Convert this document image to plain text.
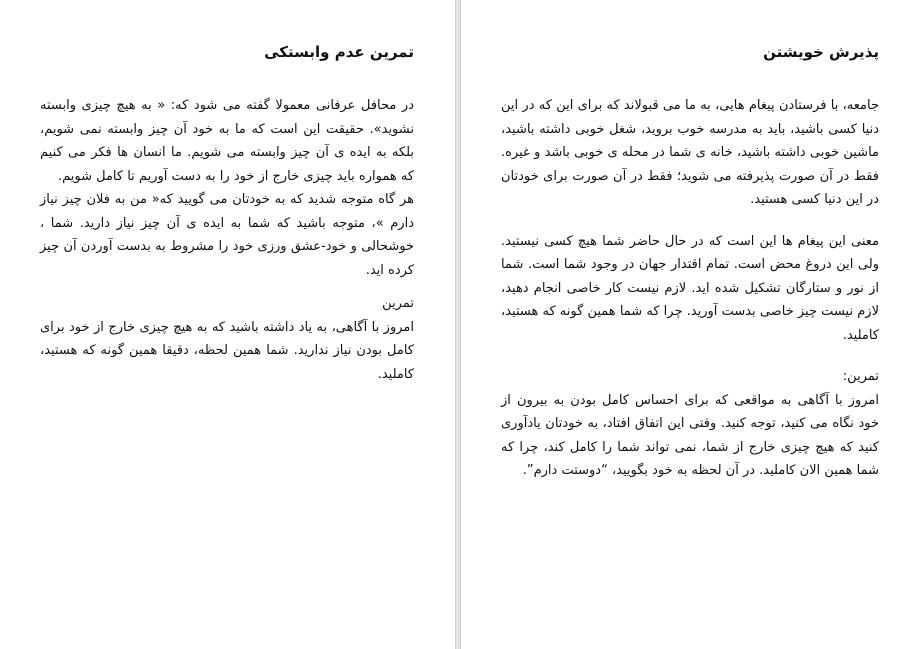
تمرین عدم وابستکی

در محافل عرفانی معمولا گفته می شود که: « به هیچ چیزی وابسته نشوید». حقیقت این است که ما به خود آن چیز وابسته نمی شویم، بلکه به ایده ی آن چیز وابسته می شویم. ما انسان ها فکر می کنیم که همواره باید چیزی خارج از خود را به دست آوریم تا کامل شویم.

هر گاه متوجه شدید که به خودتان می گویید که« من به فلان چیز نیاز دارم »، متوجه باشید که شما به ایده ی آن چیز نیاز دارید. شما ، خوشحالی و خود-عشق ورزی خود را مشروط به بدست آوردن آن چیز کرده اید.

تمرین

امروز با آگاهی، به یاد داشته باشید که به هیچ چیزی خارج از خود برای کامل بودن نیاز ندارید. شما همین لحظه، دقیقا همین گونه که هستید، کاملید.

پذیرش خویشتن

جامعه، با فرستادن پیغام هایی، به ما می قبولاند که برای این که در این دنیا کسی باشید، باید به مدرسه خوب بروید، شغل خوبی داشته باشید، ماشین خوبی داشته باشید، خانه ی شما در محله ی خوبی باشد و غیره. فقط در آن صورت پذیرفته می شوید؛ فقط در آن صورت برای خودتان در این دنیا کسی هستید.

معنی این پیغام ها این است که در حال حاضر شما هیچ کسی نیستید. ولی این دروغ محض است. تمام اقتدار جهان در وجود شما است. شما از نور و ستارگان تشکیل شده اید. لازم نیست کار خاصی انجام دهید، لازم نیست چیز خاصی بدست آورید. چرا که شما همین گونه که هستید، کاملید.

تمرین:

امروز با آگاهی به مواقعی که برای احساس کامل بودن به بیرون از خود نگاه می کنید، توجه کنید. وقتی این اتفاق افتاد، به خودتان یادآوری کنید که هیچ چیزی خارج از شما، نمی تواند شما را کامل کند، چرا که شما همین الان کاملید. در آن لحظه به خود بگویید، “دوستت دارم”.
